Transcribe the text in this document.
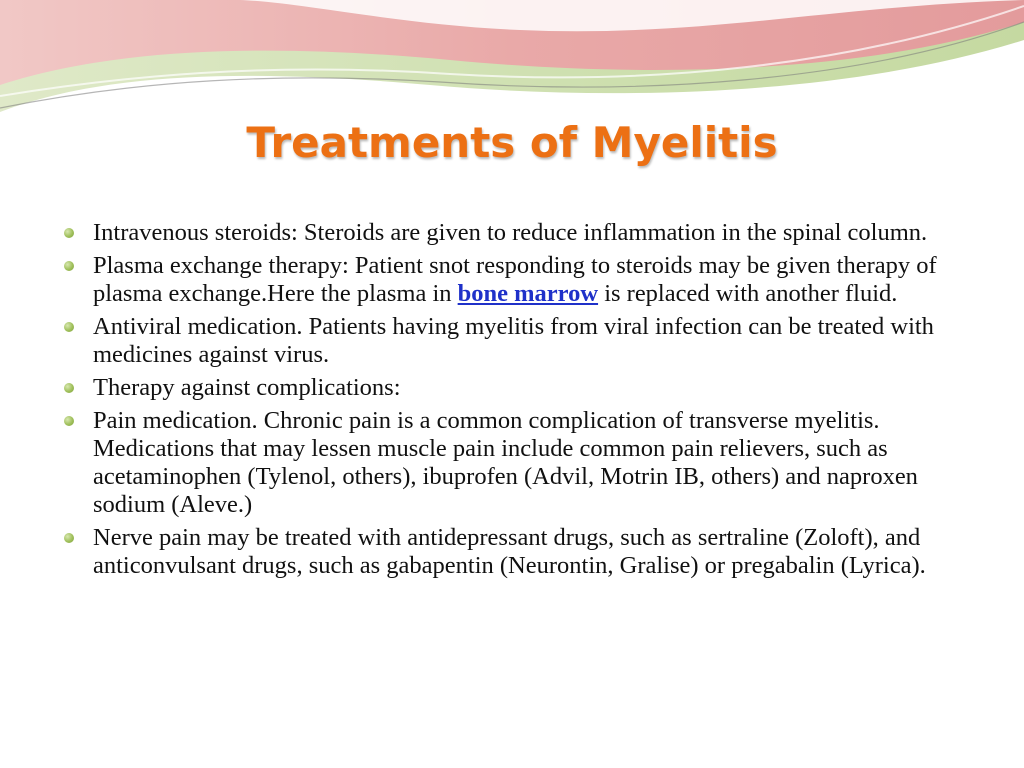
Treatments of Myelitis
Intravenous steroids: Steroids are given to reduce inflammation in the spinal column.
Plasma exchange therapy: Patient snot responding to steroids may be given therapy of plasma exchange.Here the plasma in bone marrow is replaced with another fluid.
Antiviral medication. Patients having myelitis from viral infection can be treated with medicines against virus.
Therapy against complications:
Pain medication. Chronic pain is a common complication of transverse myelitis. Medications that may lessen muscle pain include common pain relievers, such as acetaminophen (Tylenol, others), ibuprofen (Advil, Motrin IB, others) and naproxen sodium (Aleve.)
Nerve pain may be treated with antidepressant drugs, such as sertraline (Zoloft), and anticonvulsant drugs, such as gabapentin (Neurontin, Gralise) or pregabalin (Lyrica).
